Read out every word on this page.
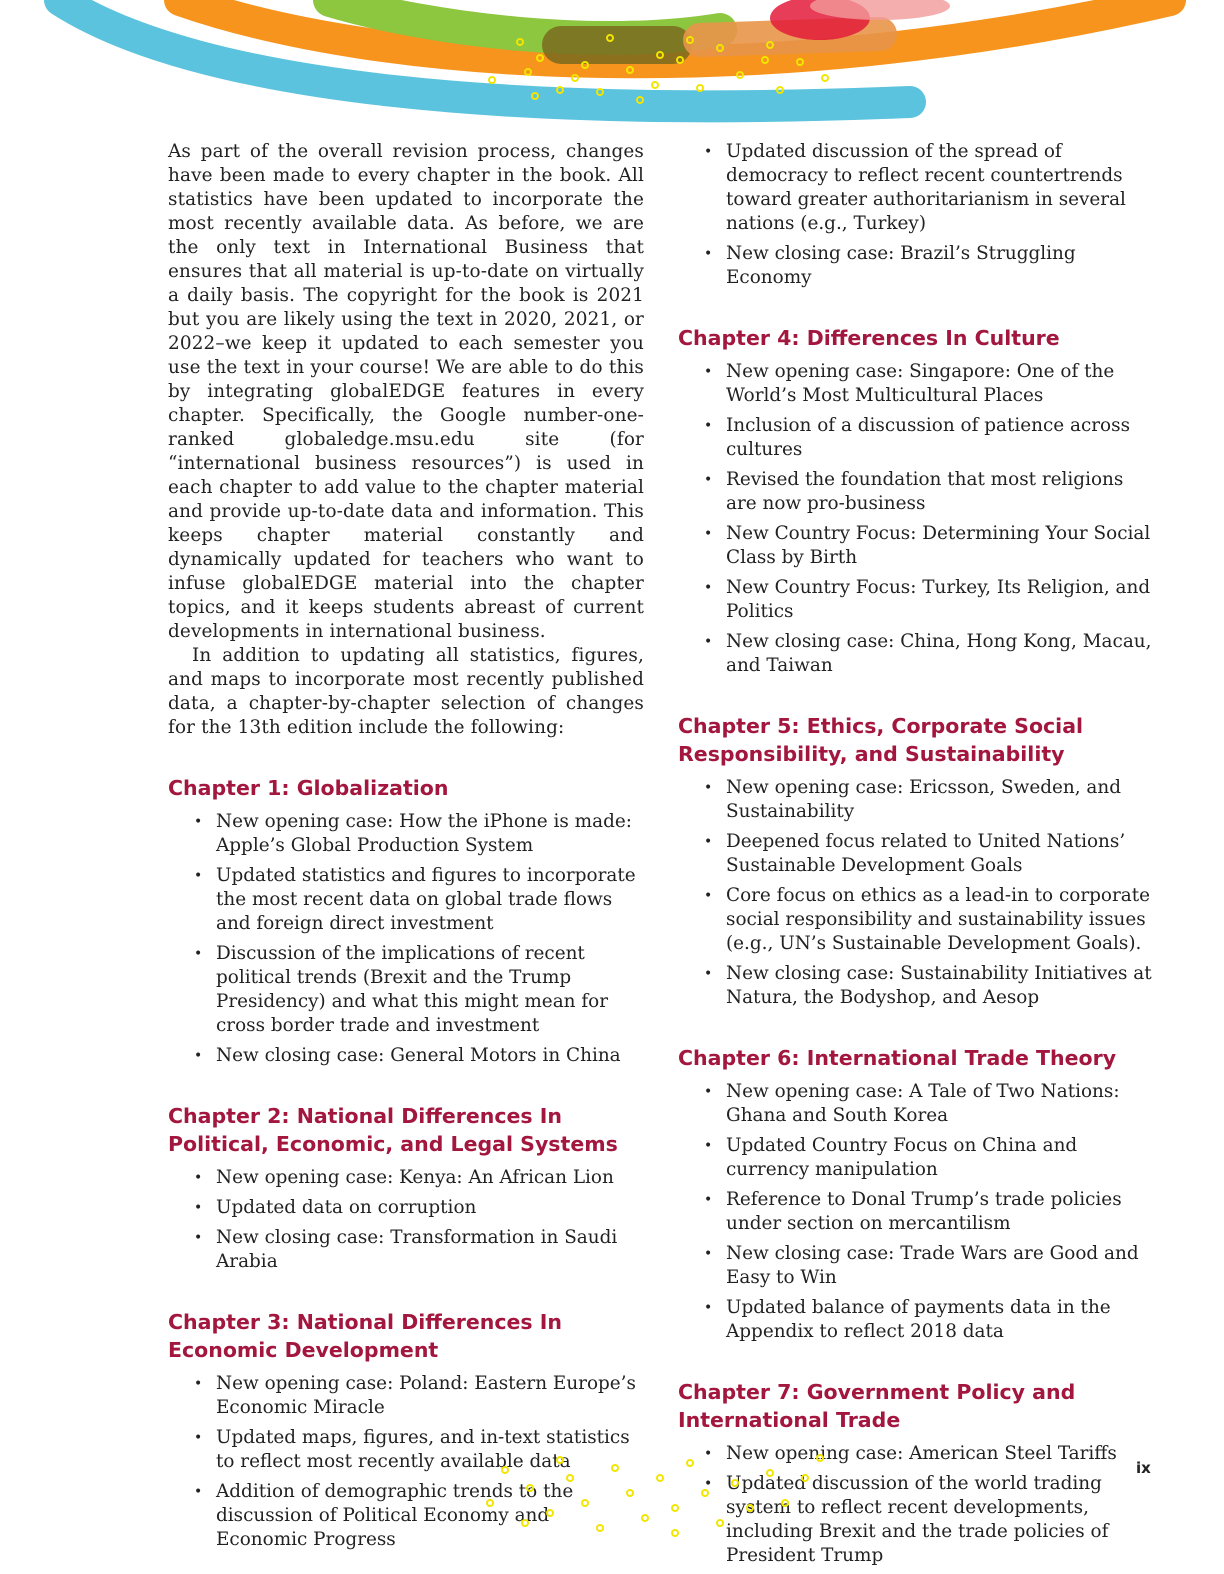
As part of the overall revision process, changes have been made to every chapter in the book. All statistics have been updated to incorporate the most recently available data. As before, we are the only text in International Business that ensures that all material is up-to-date on virtually a daily basis. The copyright for the book is 2021 but you are likely using the text in 2020, 2021, or 2022–we keep it updated to each semester you use the text in your course! We are able to do this by integrating globalEDGE features in every chapter. Specifically, the Google number-one-ranked globaledge.msu.edu site (for “international business resources”) is used in each chapter to add value to the chapter material and provide up-to-date data and information. This keeps chapter material constantly and dynamically updated for teachers who want to infuse globalEDGE material into the chapter topics, and it keeps students abreast of current developments in international business.

In addition to updating all statistics, figures, and maps to incorporate most recently published data, a chapter-by-chapter selection of changes for the 13th edition include the following:

Chapter 1: Globalization
• New opening case: How the iPhone is made: Apple’s Global Production System
• Updated statistics and figures to incorporate the most recent data on global trade flows and foreign direct investment
• Discussion of the implications of recent political trends (Brexit and the Trump Presidency) and what this might mean for cross border trade and investment
• New closing case: General Motors in China
Chapter 2: National Differences In Political, Economic, and Legal Systems
• New opening case: Kenya: An African Lion
• Updated data on corruption
• New closing case: Transformation in Saudi Arabia
Chapter 3: National Differences In Economic Development
• New opening case: Poland: Eastern Europe’s Economic Miracle
• Updated maps, figures, and in-text statistics to reflect most recently available data
• Addition of demographic trends to the discussion of Political Economy and Economic Progress
• Updated discussion of the spread of democracy to reflect recent countertrends toward greater authoritarianism in several nations (e.g., Turkey)
• New closing case: Brazil’s Struggling Economy
Chapter 4: Differences In Culture
• New opening case: Singapore: One of the World’s Most Multicultural Places
• Inclusion of a discussion of patience across cultures
• Revised the foundation that most religions are now pro-business
• New Country Focus: Determining Your Social Class by Birth
• New Country Focus: Turkey, Its Religion, and Politics
• New closing case: China, Hong Kong, Macau, and Taiwan
Chapter 5: Ethics, Corporate Social Responsibility, and Sustainability
• New opening case: Ericsson, Sweden, and Sustainability
• Deepened focus related to United Nations’ Sustainable Development Goals
• Core focus on ethics as a lead-in to corporate social responsibility and sustainability issues (e.g., UN’s Sustainable Development Goals).
• New closing case: Sustainability Initiatives at Natura, the Bodyshop, and Aesop
Chapter 6: International Trade Theory
• New opening case: A Tale of Two Nations: Ghana and South Korea
• Updated Country Focus on China and currency manipulation
• Reference to Donal Trump’s trade policies under section on mercantilism
• New closing case: Trade Wars are Good and Easy to Win
• Updated balance of payments data in the Appendix to reflect 2018 data
Chapter 7: Government Policy and International Trade
• New opening case: American Steel Tariffs
• Updated discussion of the world trading system to reflect recent developments, including Brexit and the trade policies of President Trump
ix
